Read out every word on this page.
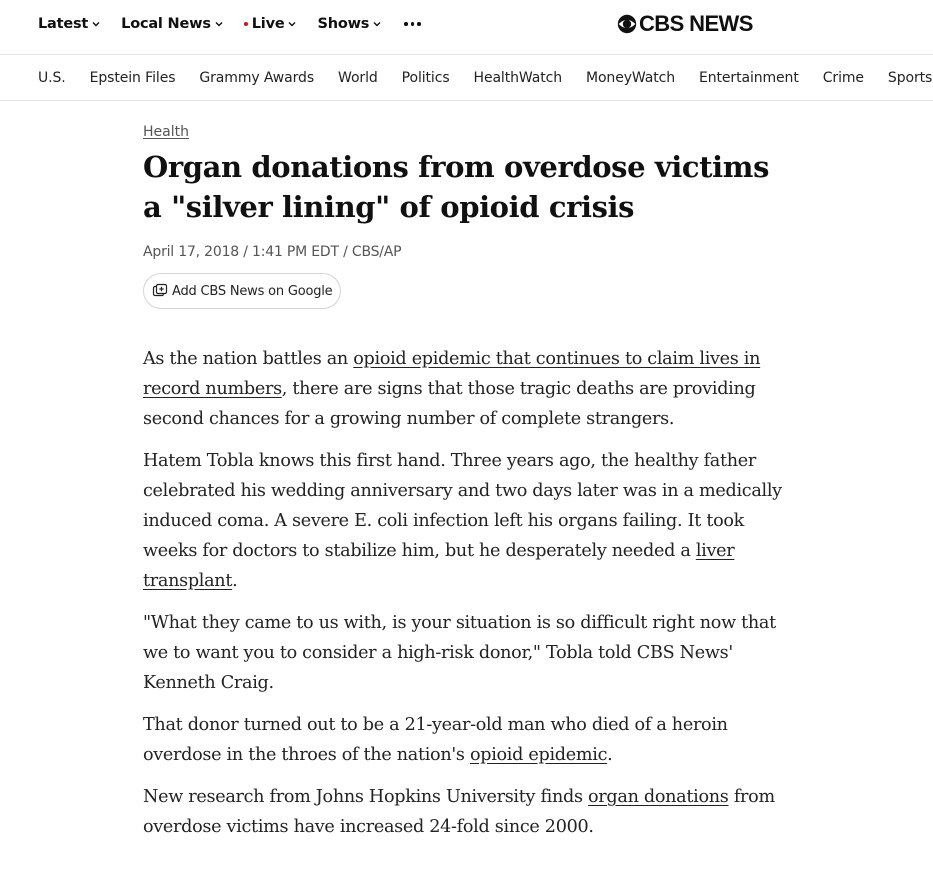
Latest Local News	Live Shows	CBS NEWS
U.S. Epstein Files Grammy Awards World Politics HealthWatch MoneyWatch Entertainment Crime Sports
Health
Organ donations from overdose victims a "silver lining" of opioid crisis
April 17, 2018 / 1:41 PM EDT / CBS/AP
Add CBS News on Google

As the nation battles an opioid epidemic that continues to claim lives in record numbers, there are signs that those tragic deaths are providing second chances for a growing number of complete strangers.

Hatem Tobla knows this first hand. Three years ago, the healthy father celebrated his wedding anniversary and two days later was in a medically induced coma. A severe E. coli infection left his organs failing. It took weeks for doctors to stabilize him, but he desperately needed a liver transplant.

"What they came to us with, is your situation is so difficult right now that we to want you to consider a high-risk donor," Tobla told CBS News' Kenneth Craig.

That donor turned out to be a 21-year-old man who died of a heroin overdose in the throes of the nation's opioid epidemic.

New research from Johns Hopkins University finds organ donations from overdose victims have increased 24-fold since 2000.
